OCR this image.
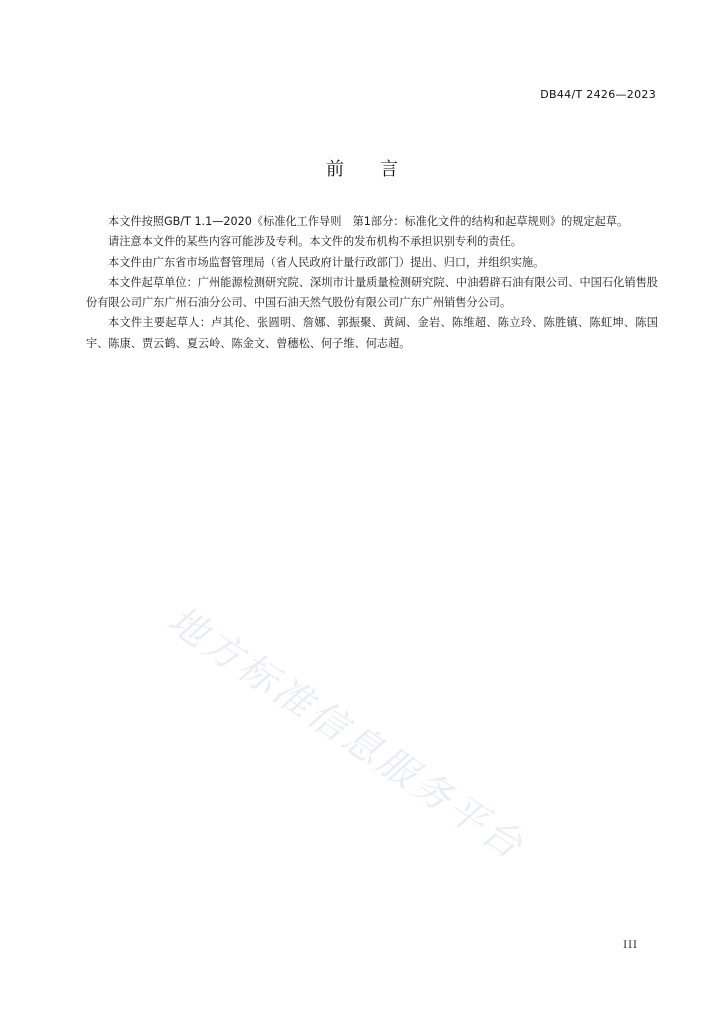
DB44/T 2426—2023
前言

本文件按照GB/T 1.1—2020《标准化工作导则　第1部分：标准化文件的结构和起草规则》的规定起草。

请注意本文件的某些内容可能涉及专利。本文件的发布机构不承担识别专利的责任。

本文件由广东省市场监督管理局（省人民政府计量行政部门）提出、归口，并组织实施。

本文件起草单位：广州能源检测研究院、深圳市计量质量检测研究院、中油碧辟石油有限公司、中国石化销售股份有限公司广东广州石油分公司、中国石油天然气股份有限公司广东广州销售分公司。

本文件主要起草人：卢其伦、张圆明、詹娜、郭振聚、黄阔、金岩、陈维超、陈立玲、陈胜镇、陈虹坤、陈国宇、陈康、贾云鹤、夏云岭、陈金文、曾穗松、何子维、何志超。

地方标准信息服务平台
III
